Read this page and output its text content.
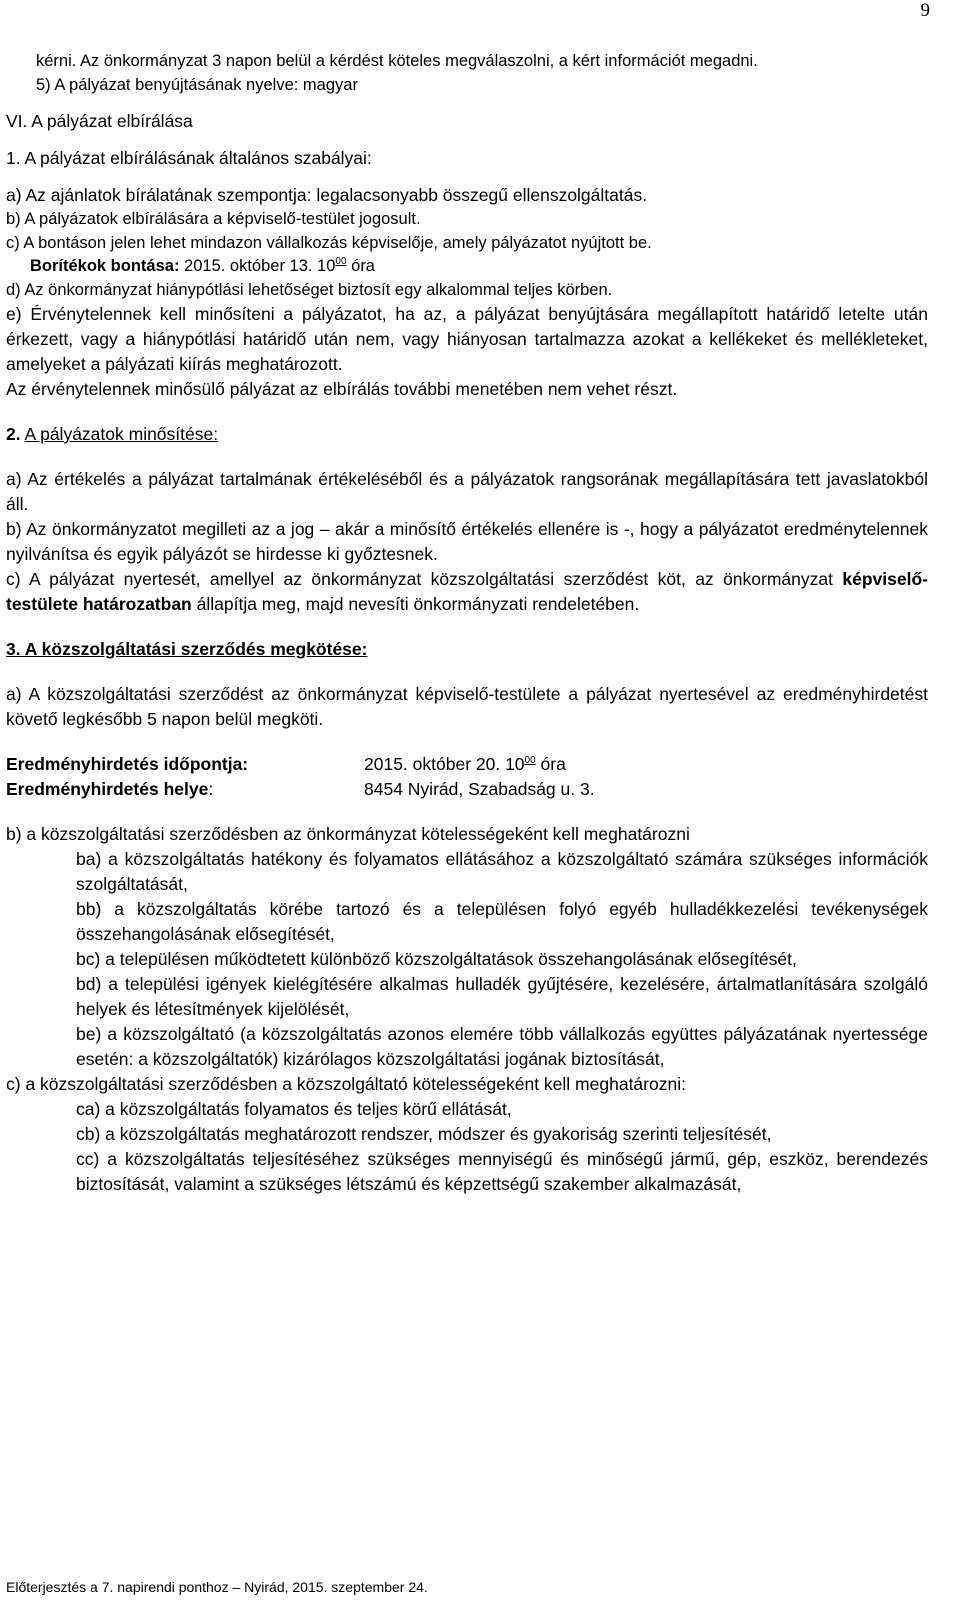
9

kérni. Az önkormányzat 3 napon belül a kérdést köteles megválaszolni, a kért információt megadni.

5) A pályázat benyújtásának nyelve: magyar

VI. A pályázat elbírálása

1. A pályázat elbírálásának általános szabályai:

a) Az ajánlatok bírálatának szempontja: legalacsonyabb összegű ellenszolgáltatás.

b) A pályázatok elbírálására a képviselő-testület jogosult.

c) A bontáson jelen lehet mindazon vállalkozás képviselője, amely pályázatot nyújtott be.

Borítékok bontása: 2015. október 13. $10^{00}$ óra

d) Az önkormányzat hiánypótlási lehetőséget biztosít egy alkalommal teljes körben.

e) Érvénytelennek kell minősíteni a pályázatot, ha az, a pályázat benyújtására megállapított határidő letelte után érkezett, vagy a hiánypótlási határidő után nem, vagy hiányosan tartalmazza azokat a kellékeket és mellékleteket, amelyeket a pályázati kiírás meghatározott.

Az érvénytelennek minősülő pályázat az elbírálás további menetében nem vehet részt.

2. A pályázatok minősítése:

a) Az értékelés a pályázat tartalmának értékeléséből és a pályázatok rangsorának megállapítására tett javaslatokból áll.

b) Az önkormányzatot megilleti az a jog – akár a minősítő értékelés ellenére is -, hogy a pályázatot eredménytelennek nyilvánítsa és egyik pályázót se hirdesse ki győztesnek.

c) A pályázat nyertesét, amellyel az önkormányzat közszolgáltatási szerződést köt, az önkormányzat képviselő-testülete határozatban állapítja meg, majd nevesíti önkormányzati rendeletében.

3. A közszolgáltatási szerződés megkötése:

a) A közszolgáltatási szerződést az önkormányzat képviselő-testülete a pályázat nyertesével az eredményhirdetést követő legkésőbb 5 napon belül megköti.

Eredményhirdetés időpontja:	2015. október 20. $10^{00}$ óra
Eredményhirdetés helye:	8454 Nyirád, Szabadság u. 3.

b) a közszolgáltatási szerződésben az önkormányzat kötelességeként kell meghatározni

ba) a közszolgáltatás hatékony és folyamatos ellátásához a közszolgáltató számára szükséges információk szolgáltatását,

bb) a közszolgáltatás körébe tartozó és a településen folyó egyéb hulladékkezelési tevékenységek összehangolásának elősegítését,

bc) a településen működtetett különböző közszolgáltatások összehangolásának elősegítését,

bd) a települési igények kielégítésére alkalmas hulladék gyűjtésére, kezelésére, ártalmatlanítására szolgáló helyek és létesítmények kijelölését,

be) a közszolgáltató (a közszolgáltatás azonos elemére több vállalkozás együttes pályázatának nyertessége esetén: a közszolgáltatók) kizárólagos közszolgáltatási jogának biztosítását,

c) a közszolgáltatási szerződésben a közszolgáltató kötelességeként kell meghatározni:

ca) a közszolgáltatás folyamatos és teljes körű ellátását,

cb) a közszolgáltatás meghatározott rendszer, módszer és gyakoriság szerinti teljesítését,

cc) a közszolgáltatás teljesítéséhez szükséges mennyiségű és minőségű jármű, gép, eszköz, berendezés biztosítását, valamint a szükséges létszámú és képzettségű szakember alkalmazását,

Előterjesztés a 7. napirendi ponthoz – Nyirád, 2015. szeptember 24.
